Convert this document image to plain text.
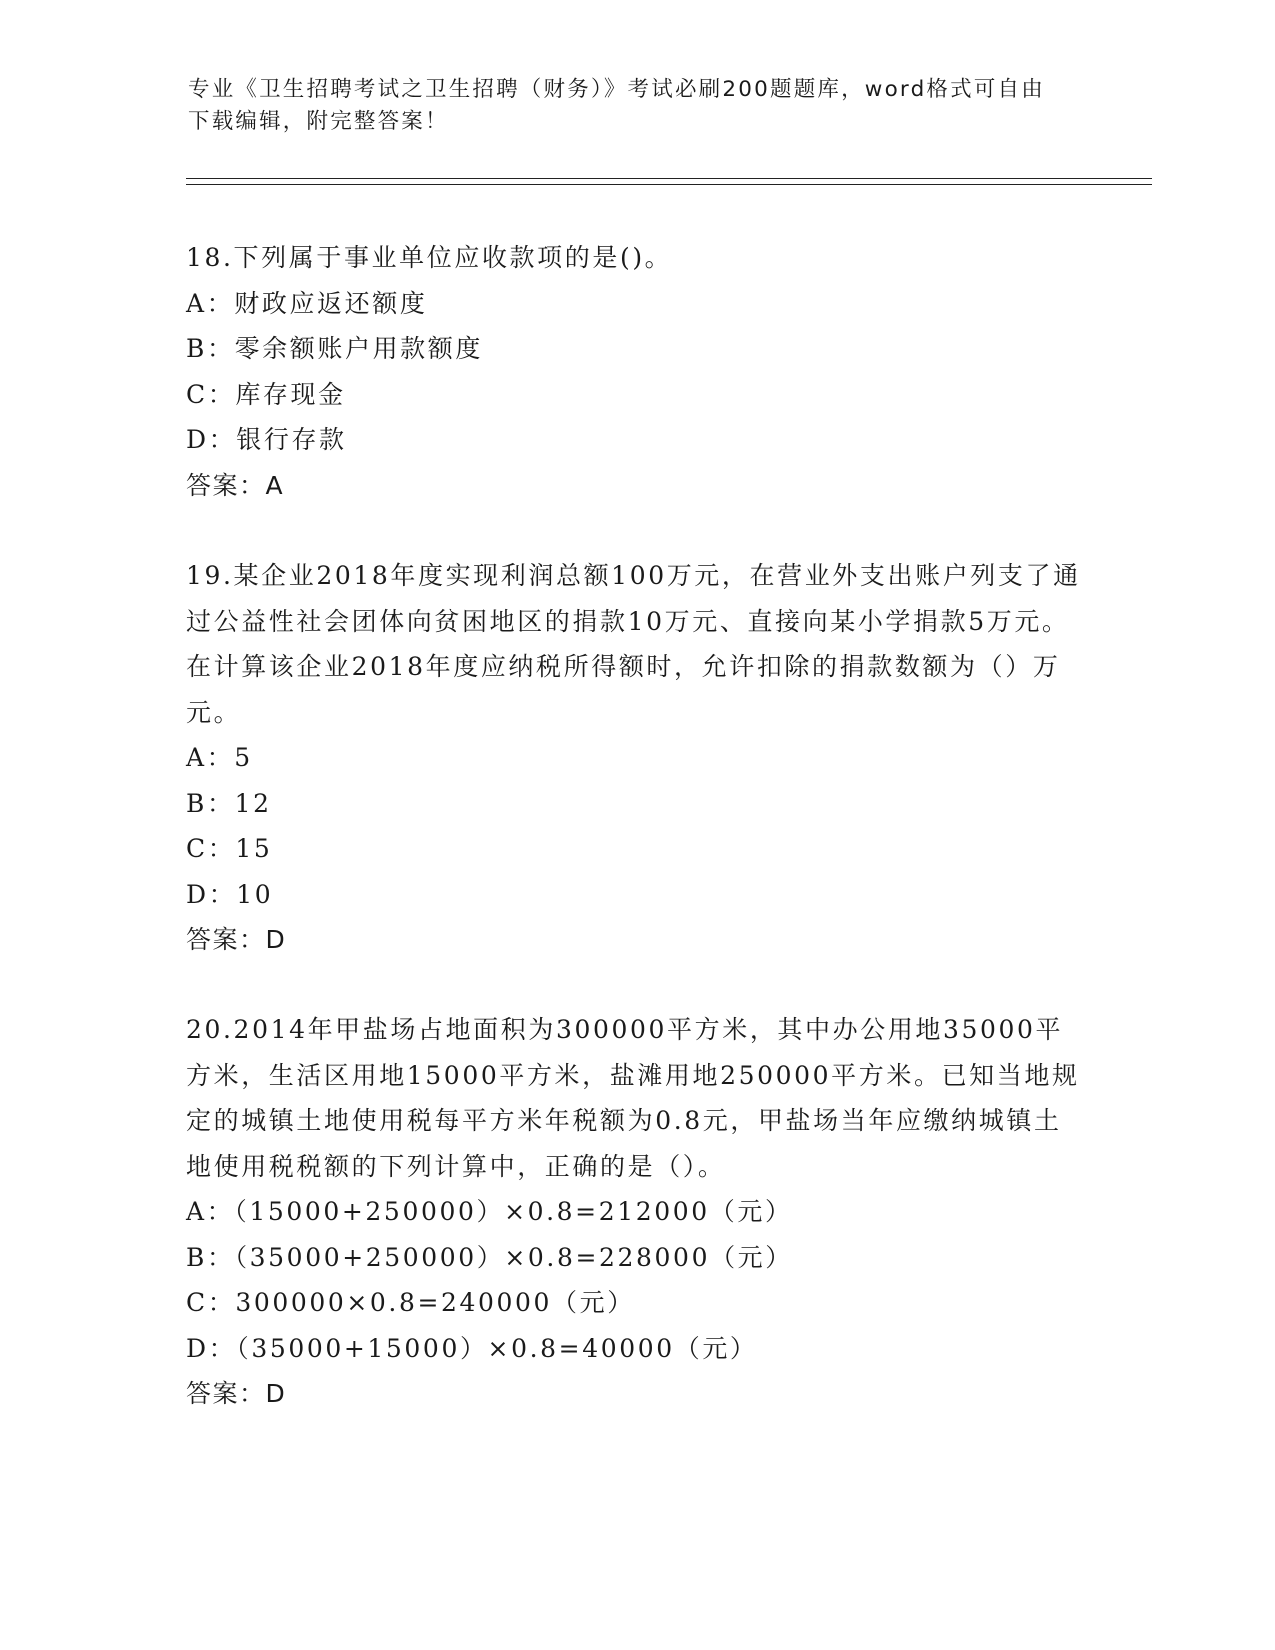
专业《卫生招聘考试之卫生招聘（财务）》考试必刷200题题库，word格式可自由下载编辑，附完整答案！

18.下列属于事业单位应收款项的是()。

A：财政应返还额度

B：零余额账户用款额度

C：库存现金

D：银行存款

答案：A

19.某企业2018年度实现利润总额100万元，在营业外支出账户列支了通过公益性社会团体向贫困地区的捐款10万元、直接向某小学捐款5万元。在计算该企业2018年度应纳税所得额时，允许扣除的捐款数额为（）万元。

A：5

B：12

C：15

D：10

答案：D

20.2014年甲盐场占地面积为300000平方米，其中办公用地35000平方米，生活区用地15000平方米，盐滩用地250000平方米。已知当地规定的城镇土地使用税每平方米年税额为0.8元，甲盐场当年应缴纳城镇土地使用税税额的下列计算中，正确的是（）。

A：（15000+250000）×0.8=212000（元）

B：（35000+250000）×0.8=228000（元）

C：300000×0.8=240000（元）

D：（35000+15000）×0.8=40000（元）

答案：D
